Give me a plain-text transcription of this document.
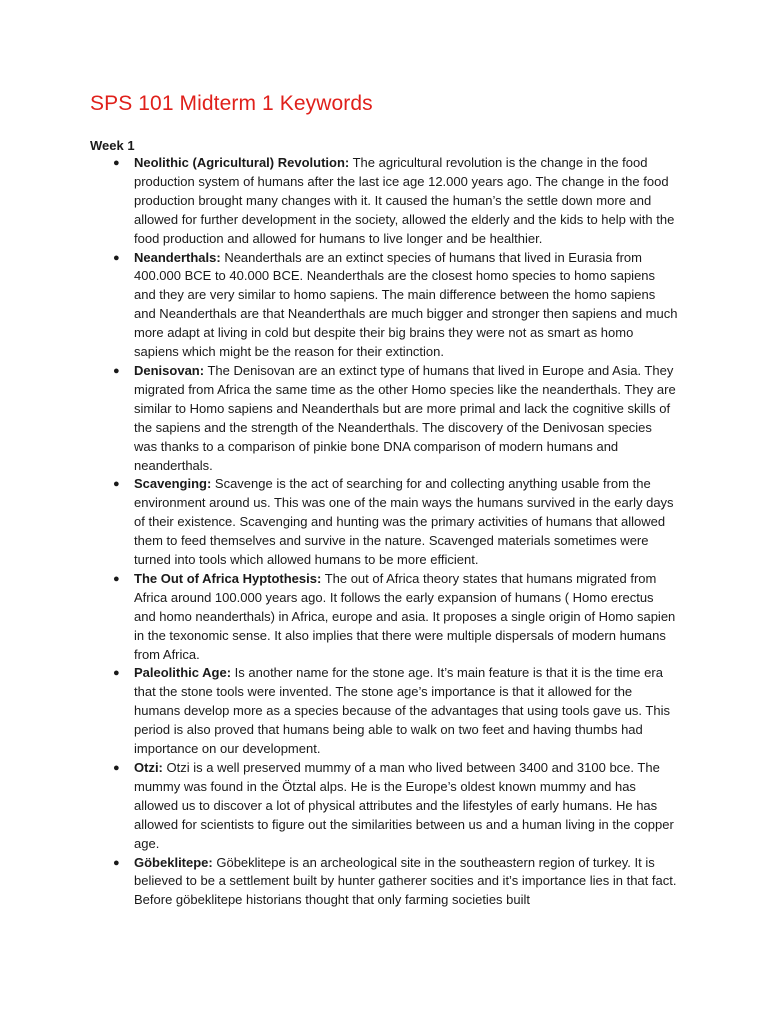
SPS 101 Midterm 1 Keywords
Week 1
● Neolithic (Agricultural) Revolution: The agricultural revolution is the change in the food production system of humans after the last ice age 12.000 years ago. The change in the food production brought many changes with it. It caused the human’s the settle down more and allowed for further development in the society, allowed the elderly and the kids to help with the food production and allowed for humans to live longer and be healthier.
● Neanderthals: Neanderthals are an extinct species of humans that lived in Eurasia from 400.000 BCE to 40.000 BCE. Neanderthals are the closest homo species to homo sapiens and they are very similar to homo sapiens. The main difference between the homo sapiens and Neanderthals are that Neanderthals are much bigger and stronger then sapiens and much more adapt at living in cold but despite their big brains they were not as smart as homo sapiens which might be the reason for their extinction.
● Denisovan: The Denisovan are an extinct type of humans that lived in Europe and Asia. They migrated from Africa the same time as the other Homo species like the neanderthals. They are similar to Homo sapiens and Neanderthals but are more primal and lack the cognitive skills of the sapiens and the strength of the Neanderthals. The discovery of the Denivosan species was thanks to a comparison of pinkie bone DNA comparison of modern humans and neanderthals.
● Scavenging: Scavenge is the act of searching for and collecting anything usable from the environment around us. This was one of the main ways the humans survived in the early days of their existence. Scavenging and hunting was the primary activities of humans that allowed them to feed themselves and survive in the nature. Scavenged materials sometimes were turned into tools which allowed humans to be more efficient.
● The Out of Africa Hyptothesis: The out of Africa theory states that humans migrated from Africa around 100.000 years ago. It follows the early expansion of humans ( Homo erectus and homo neanderthals) in Africa, europe and asia. It proposes a single origin of Homo sapien in the texonomic sense. It also implies that there were multiple dispersals of modern humans from Africa.
● Paleolithic Age: Is another name for the stone age. It’s main feature is that it is the time era that the stone tools were invented. The stone age’s importance is that it allowed for the humans develop more as a species because of the advantages that using tools gave us. This period is also proved that humans being able to walk on two feet and having thumbs had importance on our development.
● Otzi: Otzi is a well preserved mummy of a man who lived between 3400 and 3100 bce. The mummy was found in the Ötztal alps. He is the Europe’s oldest known mummy and has allowed us to discover a lot of physical attributes and the lifestyles of early humans. He has allowed for scientists to figure out the similarities between us and a human living in the copper age.
● Göbeklitepe: Göbeklitepe is an archeological site in the southeastern region of turkey. It is believed to be a settlement built by hunter gatherer socities and it’s importance lies in that fact. Before göbeklitepe historians thought that only farming societies built
